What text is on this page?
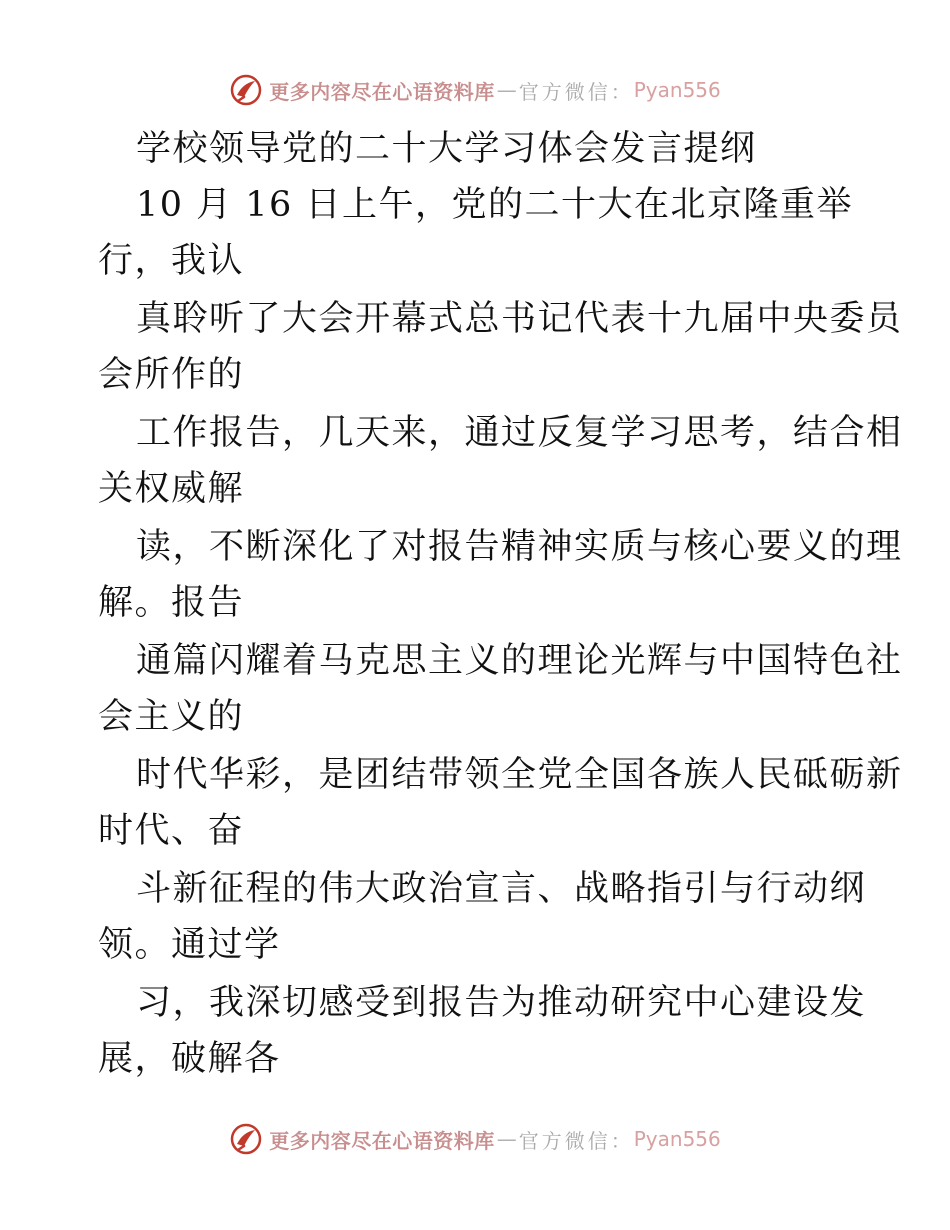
更多内容尽在心语资料库 — 官方微信： Pyan556
学校领导党的二十大学习体会发言提纲
10 月 16 日上午，党的二十大在北京隆重举
行，我认
真聆听了大会开幕式总书记代表十九届中央委员
会所作的
工作报告，几天来，通过反复学习思考，结合相
关权威解
读，不断深化了对报告精神实质与核心要义的理
解。报告
通篇闪耀着马克思主义的理论光辉与中国特色社
会主义的
时代华彩，是团结带领全党全国各族人民砥砺新
时代、奋
斗新征程的伟大政治宣言、战略指引与行动纲
领。通过学
习，我深切感受到报告为推动研究中心建设发
展，破解各
更多内容尽在心语资料库 — 官方微信： Pyan556
